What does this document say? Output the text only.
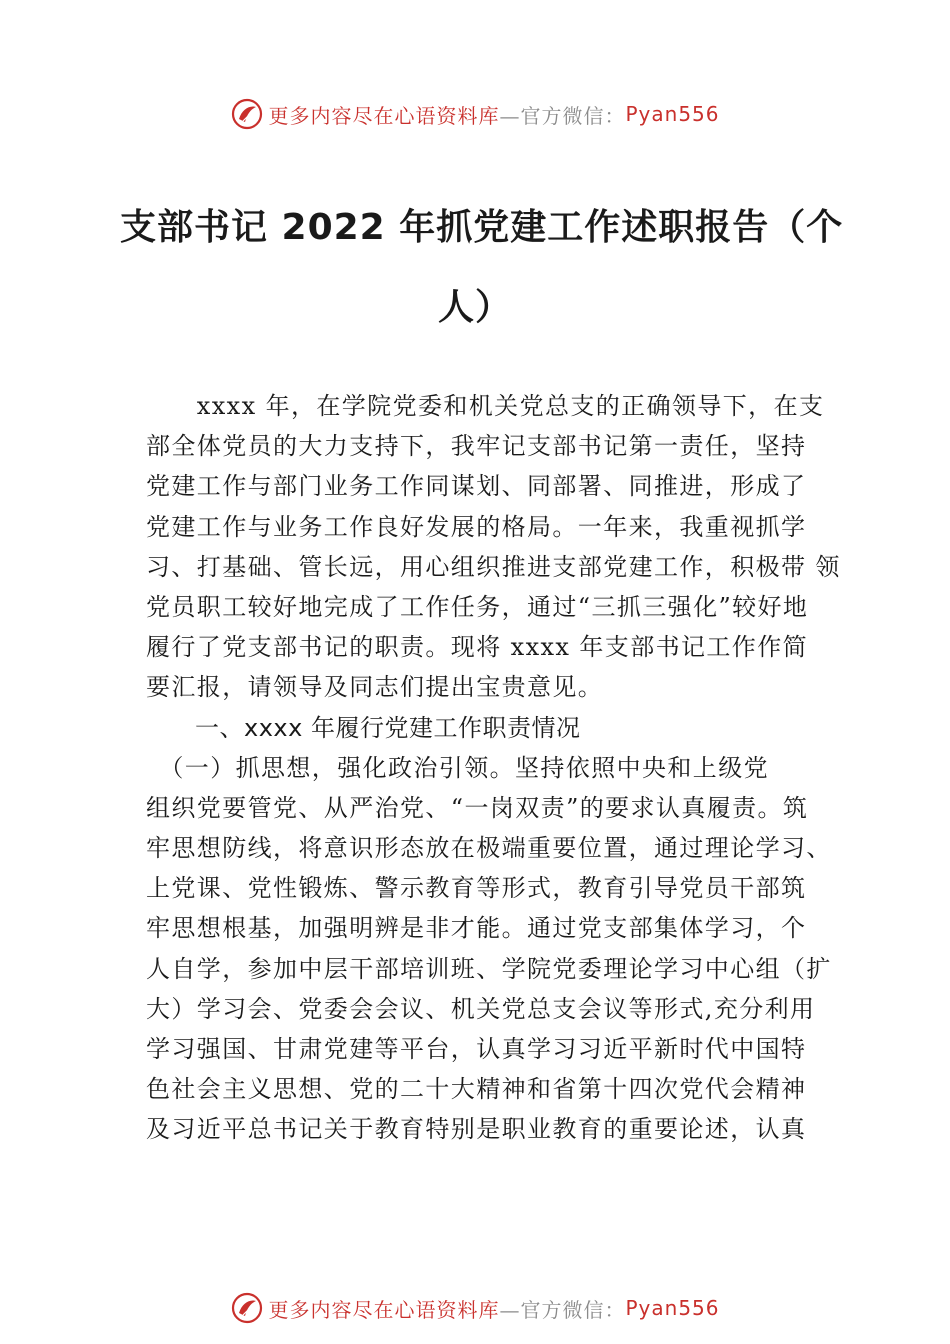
更多内容尽在心语资料库 —官方微信： Pyan556
支部书记 2022 年抓党建工作述职报告（个
人）
　　xxxx 年，在学院党委和机关党总支的正确领导下，在支
部全体党员的大力支持下，我牢记支部书记第一责任，坚持
党建工作与部门业务工作同谋划、同部署、同推进，形成了
党建工作与业务工作良好发展的格局。一年来，我重视抓学
习、打基础、管长远，用心组织推进支部党建工作，积极带 领
党员职工较好地完成了工作任务，通过“三抓三强化”较好地
履行了党支部书记的职责。现将 xxxx 年支部书记工作作简
要汇报，请领导及同志们提出宝贵意见。
　　一、xxxx 年履行党建工作职责情况
　（一）抓思想，强化政治引领。坚持依照中央和上级党
组织党要管党、从严治党、“一岗双责”的要求认真履责。筑
牢思想防线，将意识形态放在极端重要位置，通过理论学习、
上党课、党性锻炼、警示教育等形式，教育引导党员干部筑
牢思想根基，加强明辨是非才能。通过党支部集体学习，个
人自学，参加中层干部培训班、学院党委理论学习中心组（扩
大）学习会、党委会会议、机关党总支会议等形式,充分利用
学习强国、甘肃党建等平台，认真学习习近平新时代中国特
色社会主义思想、党的二十大精神和省第十四次党代会精神
及习近平总书记关于教育特别是职业教育的重要论述，认真
更多内容尽在心语资料库 —官方微信： Pyan556
